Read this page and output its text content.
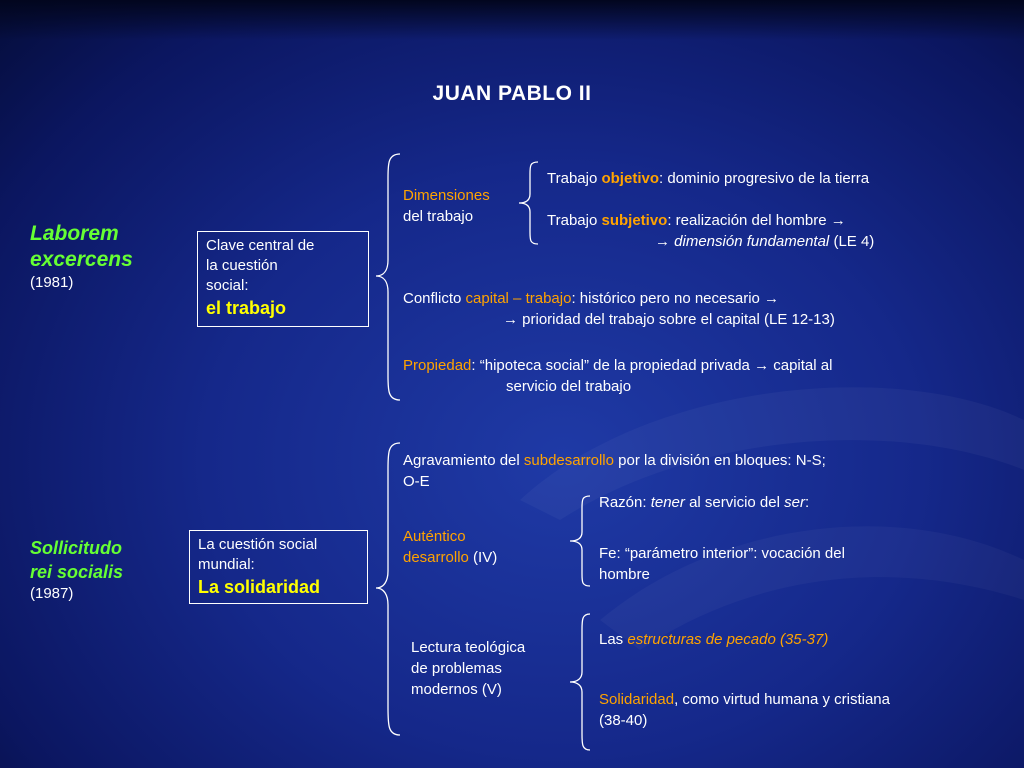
JUAN PABLO II
Laborem
excercens
(1981)
Clave central de
la cuestión
social:
el trabajo
Dimensiones
del trabajo
Trabajo objetivo: dominio progresivo de la tierra
Trabajo subjetivo: realización del hombre →
→ dimensión fundamental (LE 4)
Conflicto capital – trabajo: histórico pero no necesario →
→ prioridad del trabajo sobre el capital (LE 12-13)
Propiedad: “hipoteca social” de la propiedad privada → capital al
servicio del trabajo
Sollicitudo
rei socialis
(1987)
La cuestión social
mundial:
La solidaridad
Agravamiento del subdesarrollo por la división en bloques: N-S;
O-E
Auténtico
desarrollo (IV)
Razón: tener al servicio del ser:
Fe: “parámetro interior”: vocación del
hombre
Lectura teológica
de problemas
modernos (V)
Las estructuras de pecado (35-37)
Solidaridad, como virtud humana y cristiana
(38-40)
